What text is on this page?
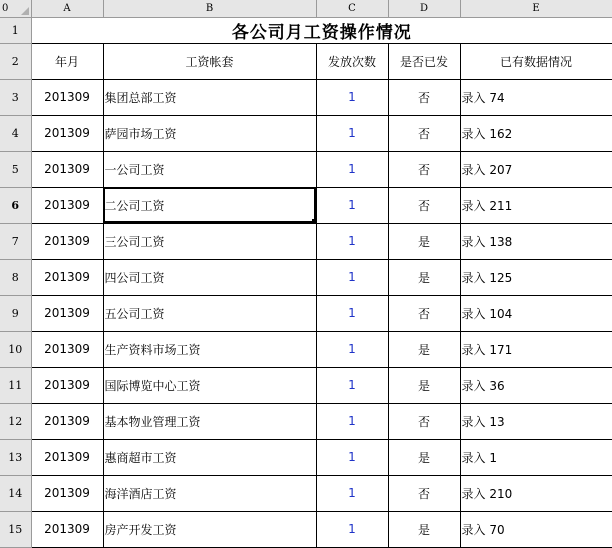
0	A	B	C	D	E
1	各公司月工资操作情况				
2	年月	工资帐套	发放次数	是否已发	已有数据情况
3	201309	集团总部工资	1	否	录入 74
4	201309	萨园市场工资	1	否	录入 162
5	201309	一公司工资	1	否	录入 207
6	201309	二公司工资	1	否	录入 211
7	201309	三公司工资	1	是	录入 138
8	201309	四公司工资	1	是	录入 125
9	201309	五公司工资	1	否	录入 104
10	201309	生产资料市场工资	1	是	录入 171
11	201309	国际博览中心工资	1	是	录入 36
12	201309	基本物业管理工资	1	否	录入 13
13	201309	惠商超市工资	1	是	录入 1
14	201309	海洋酒店工资	1	否	录入 210
15	201309	房产开发工资	1	是	录入 70
